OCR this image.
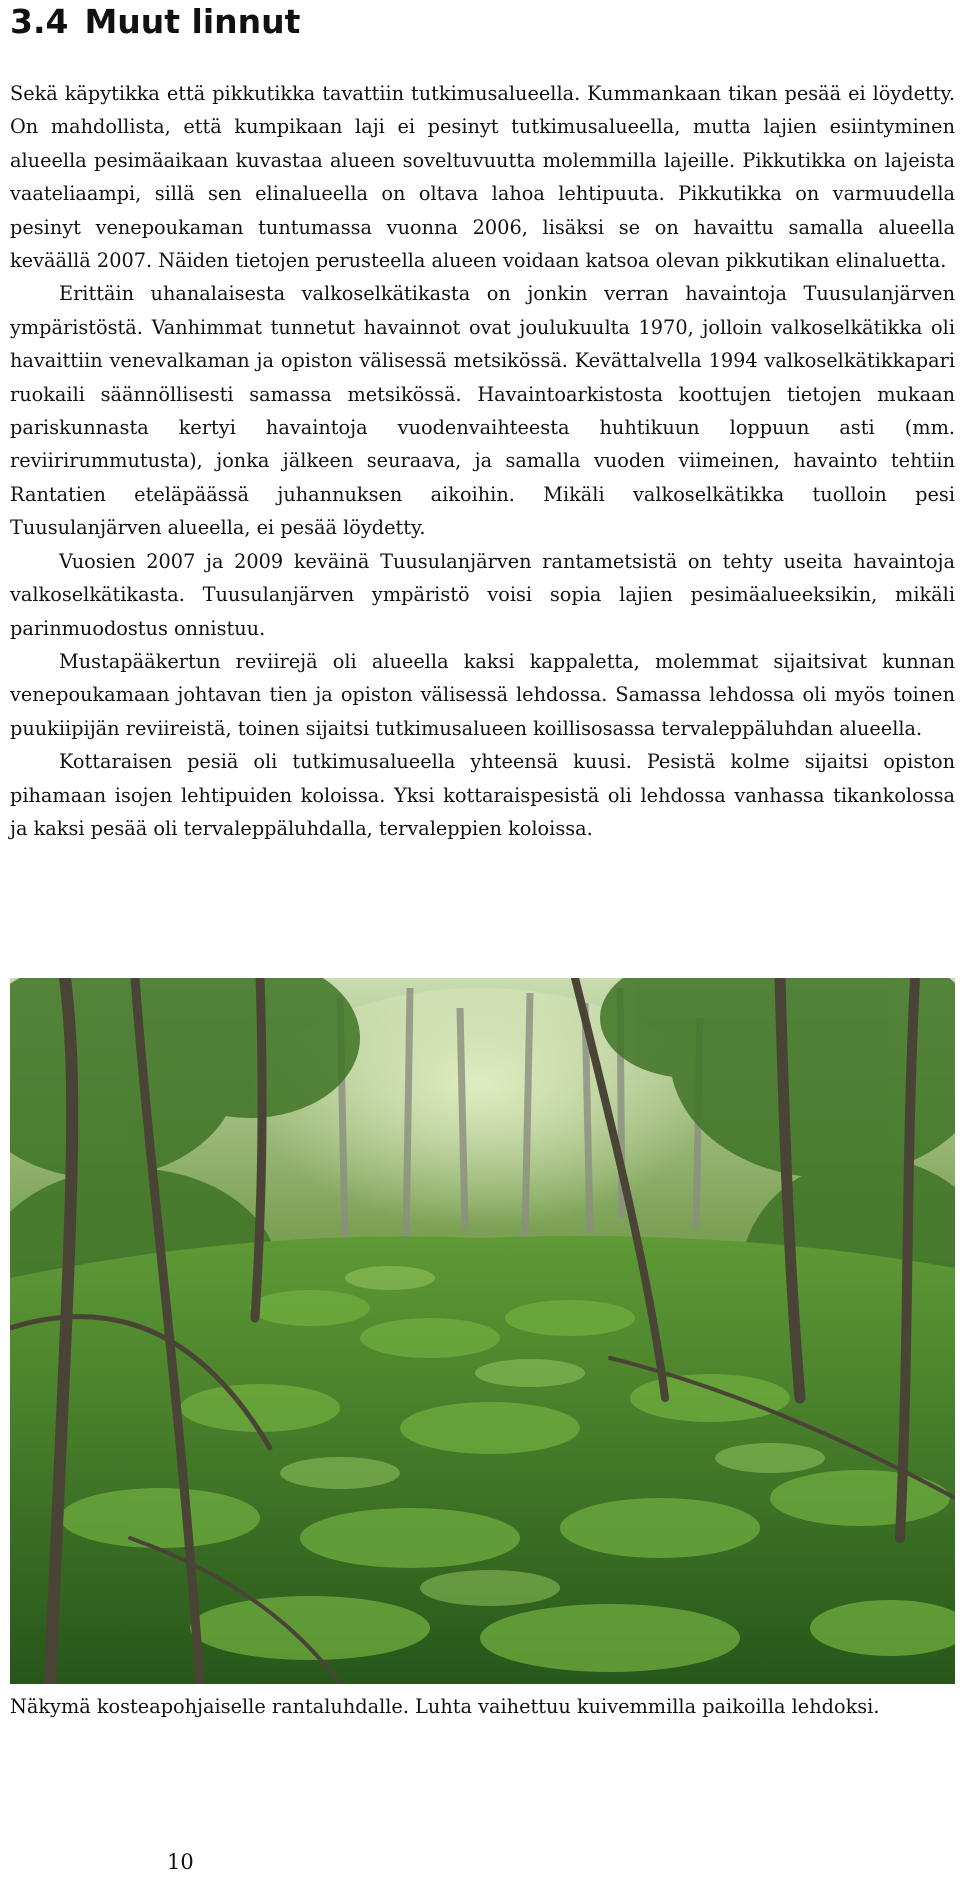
3.4 Muut linnut

Sekä käpytikka että pikkutikka tavattiin tutkimusalueella. Kummankaan tikan pesää ei löydetty. On mahdollista, että kumpikaan laji ei pesinyt tutkimusalueella, mutta lajien esiintyminen alueella pesimäaikaan kuvastaa alueen soveltuvuutta molemmilla lajeille. Pikkutikka on lajeista vaateliaampi, sillä sen elinalueella on oltava lahoa lehtipuuta. Pikkutikka on varmuudella pesinyt venepoukaman tuntumassa vuonna 2006, lisäksi se on havaittu samalla alueella keväällä 2007. Näiden tietojen perusteella alueen voidaan katsoa olevan pikkutikan elinaluetta.

Erittäin uhanalaisesta valkoselkätikasta on jonkin verran havaintoja Tuusulanjärven ympäristöstä. Vanhimmat tunnetut havainnot ovat joulukuulta 1970, jolloin valkoselkätikka oli havaittiin venevalkaman ja opiston välisessä metsikössä. Kevättalvella 1994 valkoselkätikkapari ruokaili säännöllisesti samassa metsikössä. Havaintoarkistosta koottujen tietojen mukaan pariskunnasta kertyi havaintoja vuodenvaihteesta huhtikuun loppuun asti (mm. reviirirummutusta), jonka jälkeen seuraava, ja samalla vuoden viimeinen, havainto tehtiin Rantatien eteläpäässä juhannuksen aikoihin. Mikäli valkoselkätikka tuolloin pesi Tuusulanjärven alueella, ei pesää löydetty.

Vuosien 2007 ja 2009 keväinä Tuusulanjärven rantametsistä on tehty useita havaintoja valkoselkätikasta. Tuusulanjärven ympäristö voisi sopia lajien pesimäalueeksikin, mikäli parinmuodostus onnistuu.

Mustapääkertun reviirejä oli alueella kaksi kappaletta, molemmat sijaitsivat kunnan venepoukamaan johtavan tien ja opiston välisessä lehdossa. Samassa lehdossa oli myös toinen puukiipijän reviireistä, toinen sijaitsi tutkimusalueen koillisosassa tervaleppäluhdan alueella.

Kottaraisen pesiä oli tutkimusalueella yhteensä kuusi. Pesistä kolme sijaitsi opiston pihamaan isojen lehtipuiden koloissa. Yksi kottaraispesistä oli lehdossa vanhassa tikankolossa ja kaksi pesää oli tervaleppäluhdalla, tervaleppien koloissa.

Näkymä kosteapohjaiselle rantaluhdalle. Luhta vaihettuu kuivemmilla paikoilla lehdoksi.

10
